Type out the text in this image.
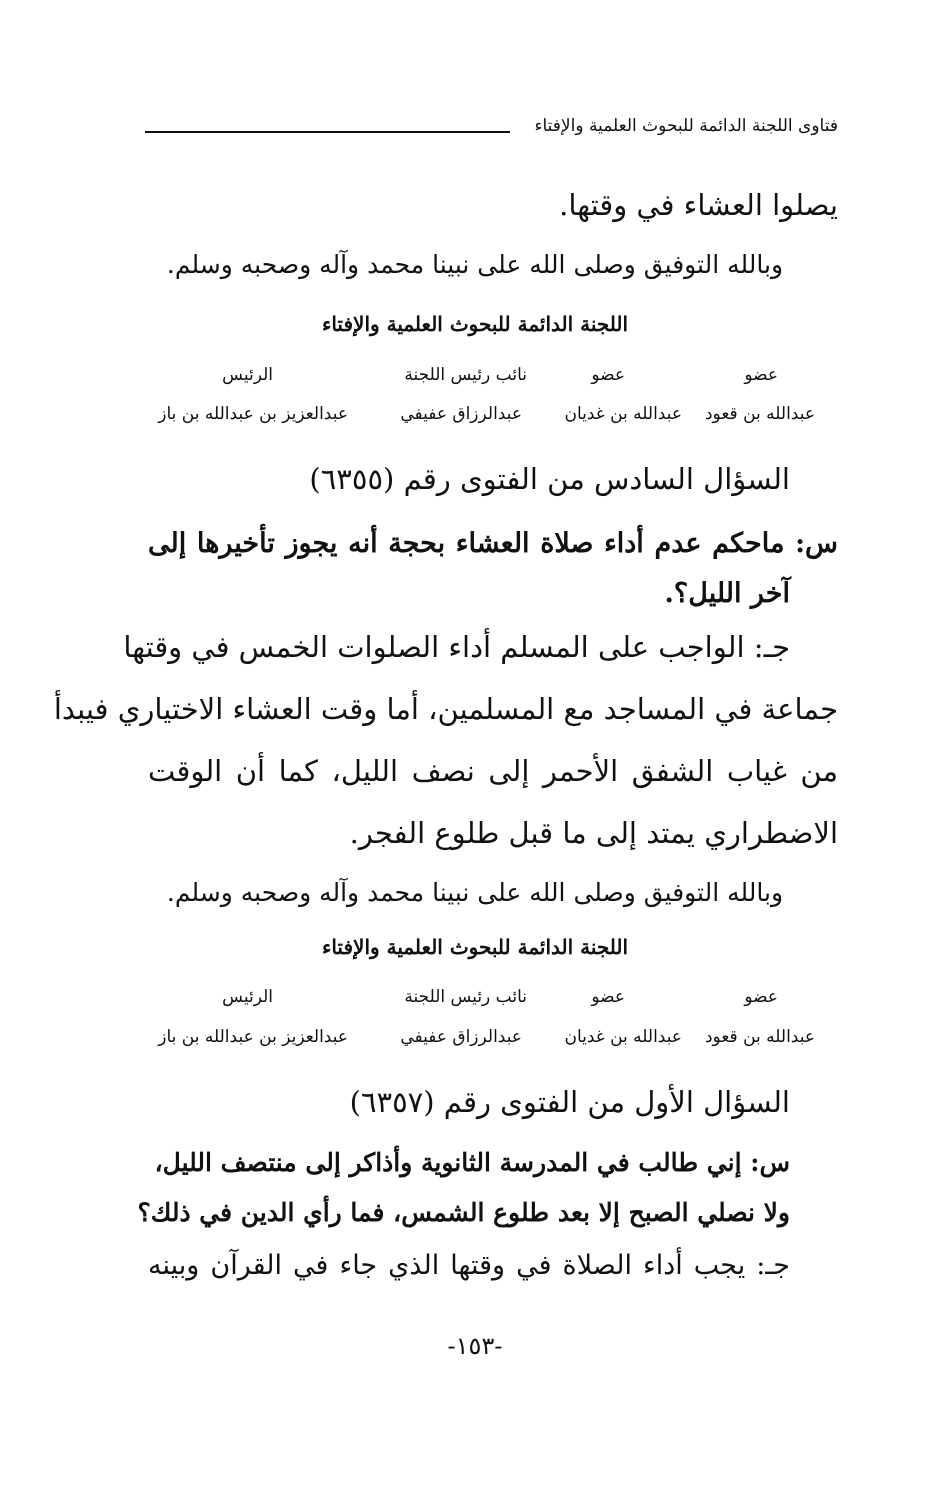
فتاوى اللجنة الدائمة للبحوث العلمية والإفتاء
يصلوا العشاء في وقتها.
وبالله التوفيق وصلى الله على نبينا محمد وآله وصحبه وسلم.
اللجنة الدائمة للبحوث العلمية والإفتاء
عضو
عضو
نائب رئيس اللجنة
الرئيس
عبدالله بن قعود
عبدالله بن غديان
عبدالرزاق عفيفي
عبدالعزيز بن عبدالله بن باز
السؤال السادس من الفتوى رقم (٦٣٥٥)
س: ماحكم عدم أداء صلاة العشاء بحجة أنه يجوز تأخيرها إلى
آخر الليل؟.
جـ: الواجب على المسلم أداء الصلوات الخمس في وقتها
جماعة في المساجد مع المسلمين، أما وقت العشاء الاختياري فيبدأ
من غياب الشفق الأحمر إلى نصف الليل، كما أن الوقت
الاضطراري يمتد إلى ما قبل طلوع الفجر.
وبالله التوفيق وصلى الله على نبينا محمد وآله وصحبه وسلم.
اللجنة الدائمة للبحوث العلمية والإفتاء
عضو
عضو
نائب رئيس اللجنة
الرئيس
عبدالله بن قعود
عبدالله بن غديان
عبدالرزاق عفيفي
عبدالعزيز بن عبدالله بن باز
السؤال الأول من الفتوى رقم (٦٣٥٧)
س: إني طالب في المدرسة الثانوية وأذاكر إلى منتصف الليل،
ولا نصلي الصبح إلا بعد طلوع الشمس، فما رأي الدين في ذلك؟
جـ: يجب أداء الصلاة في وقتها الذي جاء في القرآن وبينه
-١٥٣-
